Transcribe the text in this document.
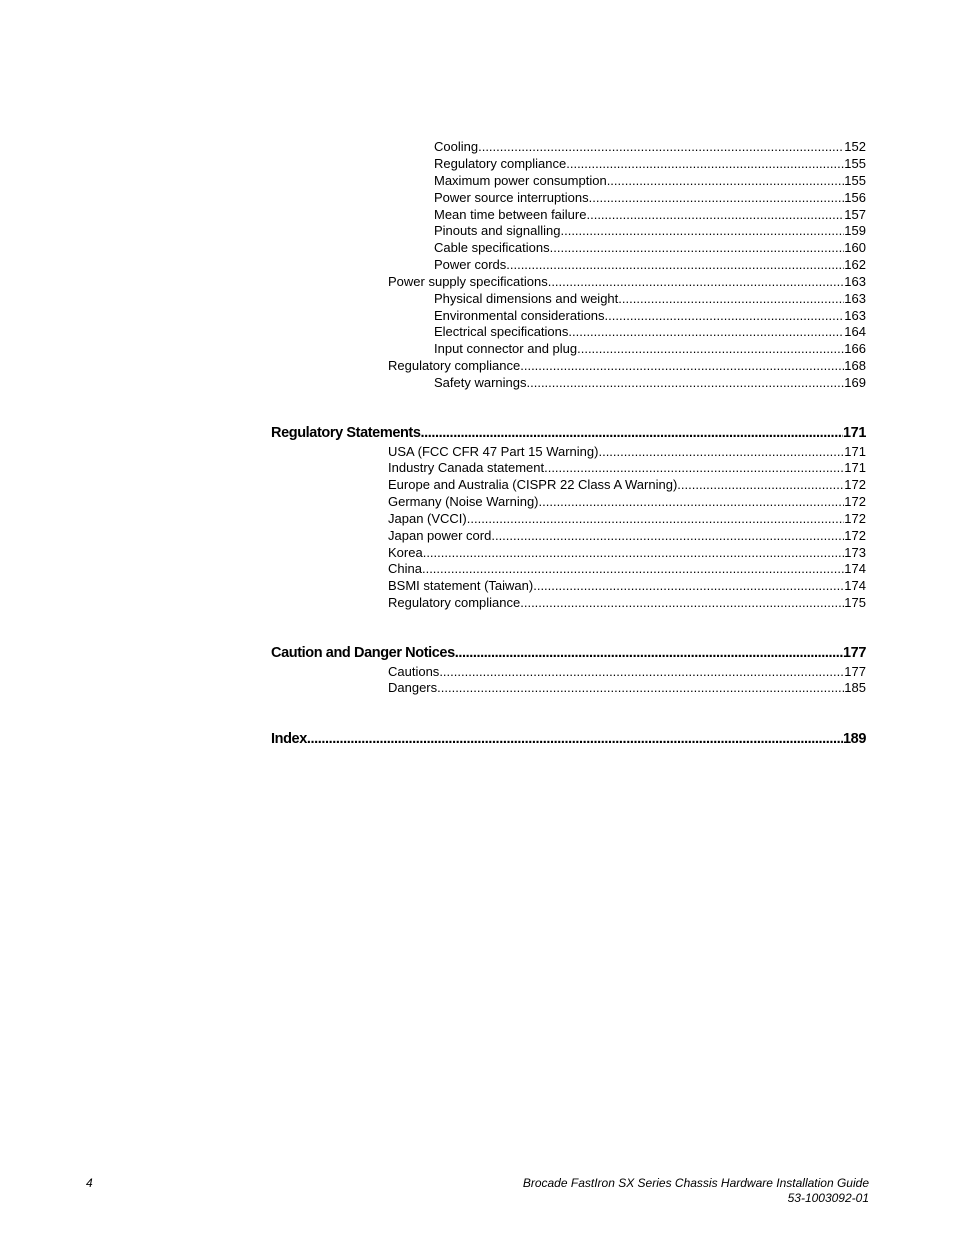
Cooling .....	152
Regulatory compliance .....	155
Maximum power consumption .....	155
Power source interruptions .....	156
Mean time between failure .....	157
Pinouts and signalling .....	159
Cable specifications .....	160
Power cords .....	162
Power supply specifications .....	163
Physical dimensions and weight .....	163
Environmental considerations .....	163
Electrical specifications .....	164
Input connector and plug .....	166
Regulatory compliance .....	168
Safety warnings .....	169
Regulatory Statements .....	171
USA (FCC CFR 47 Part 15 Warning) .....	171
Industry Canada statement .....	171
Europe and Australia (CISPR 22 Class A Warning) .....	172
Germany (Noise Warning) .....	172
Japan (VCCI) .....	172
Japan power cord .....	172
Korea .....	173
China .....	174
BSMI statement (Taiwan) .....	174
Regulatory compliance .....	175
Caution and Danger Notices .....	177
Cautions .....	177
Dangers .....	185
Index .....	189
4	Brocade FastIron SX Series Chassis Hardware Installation Guide
53-1003092-01
